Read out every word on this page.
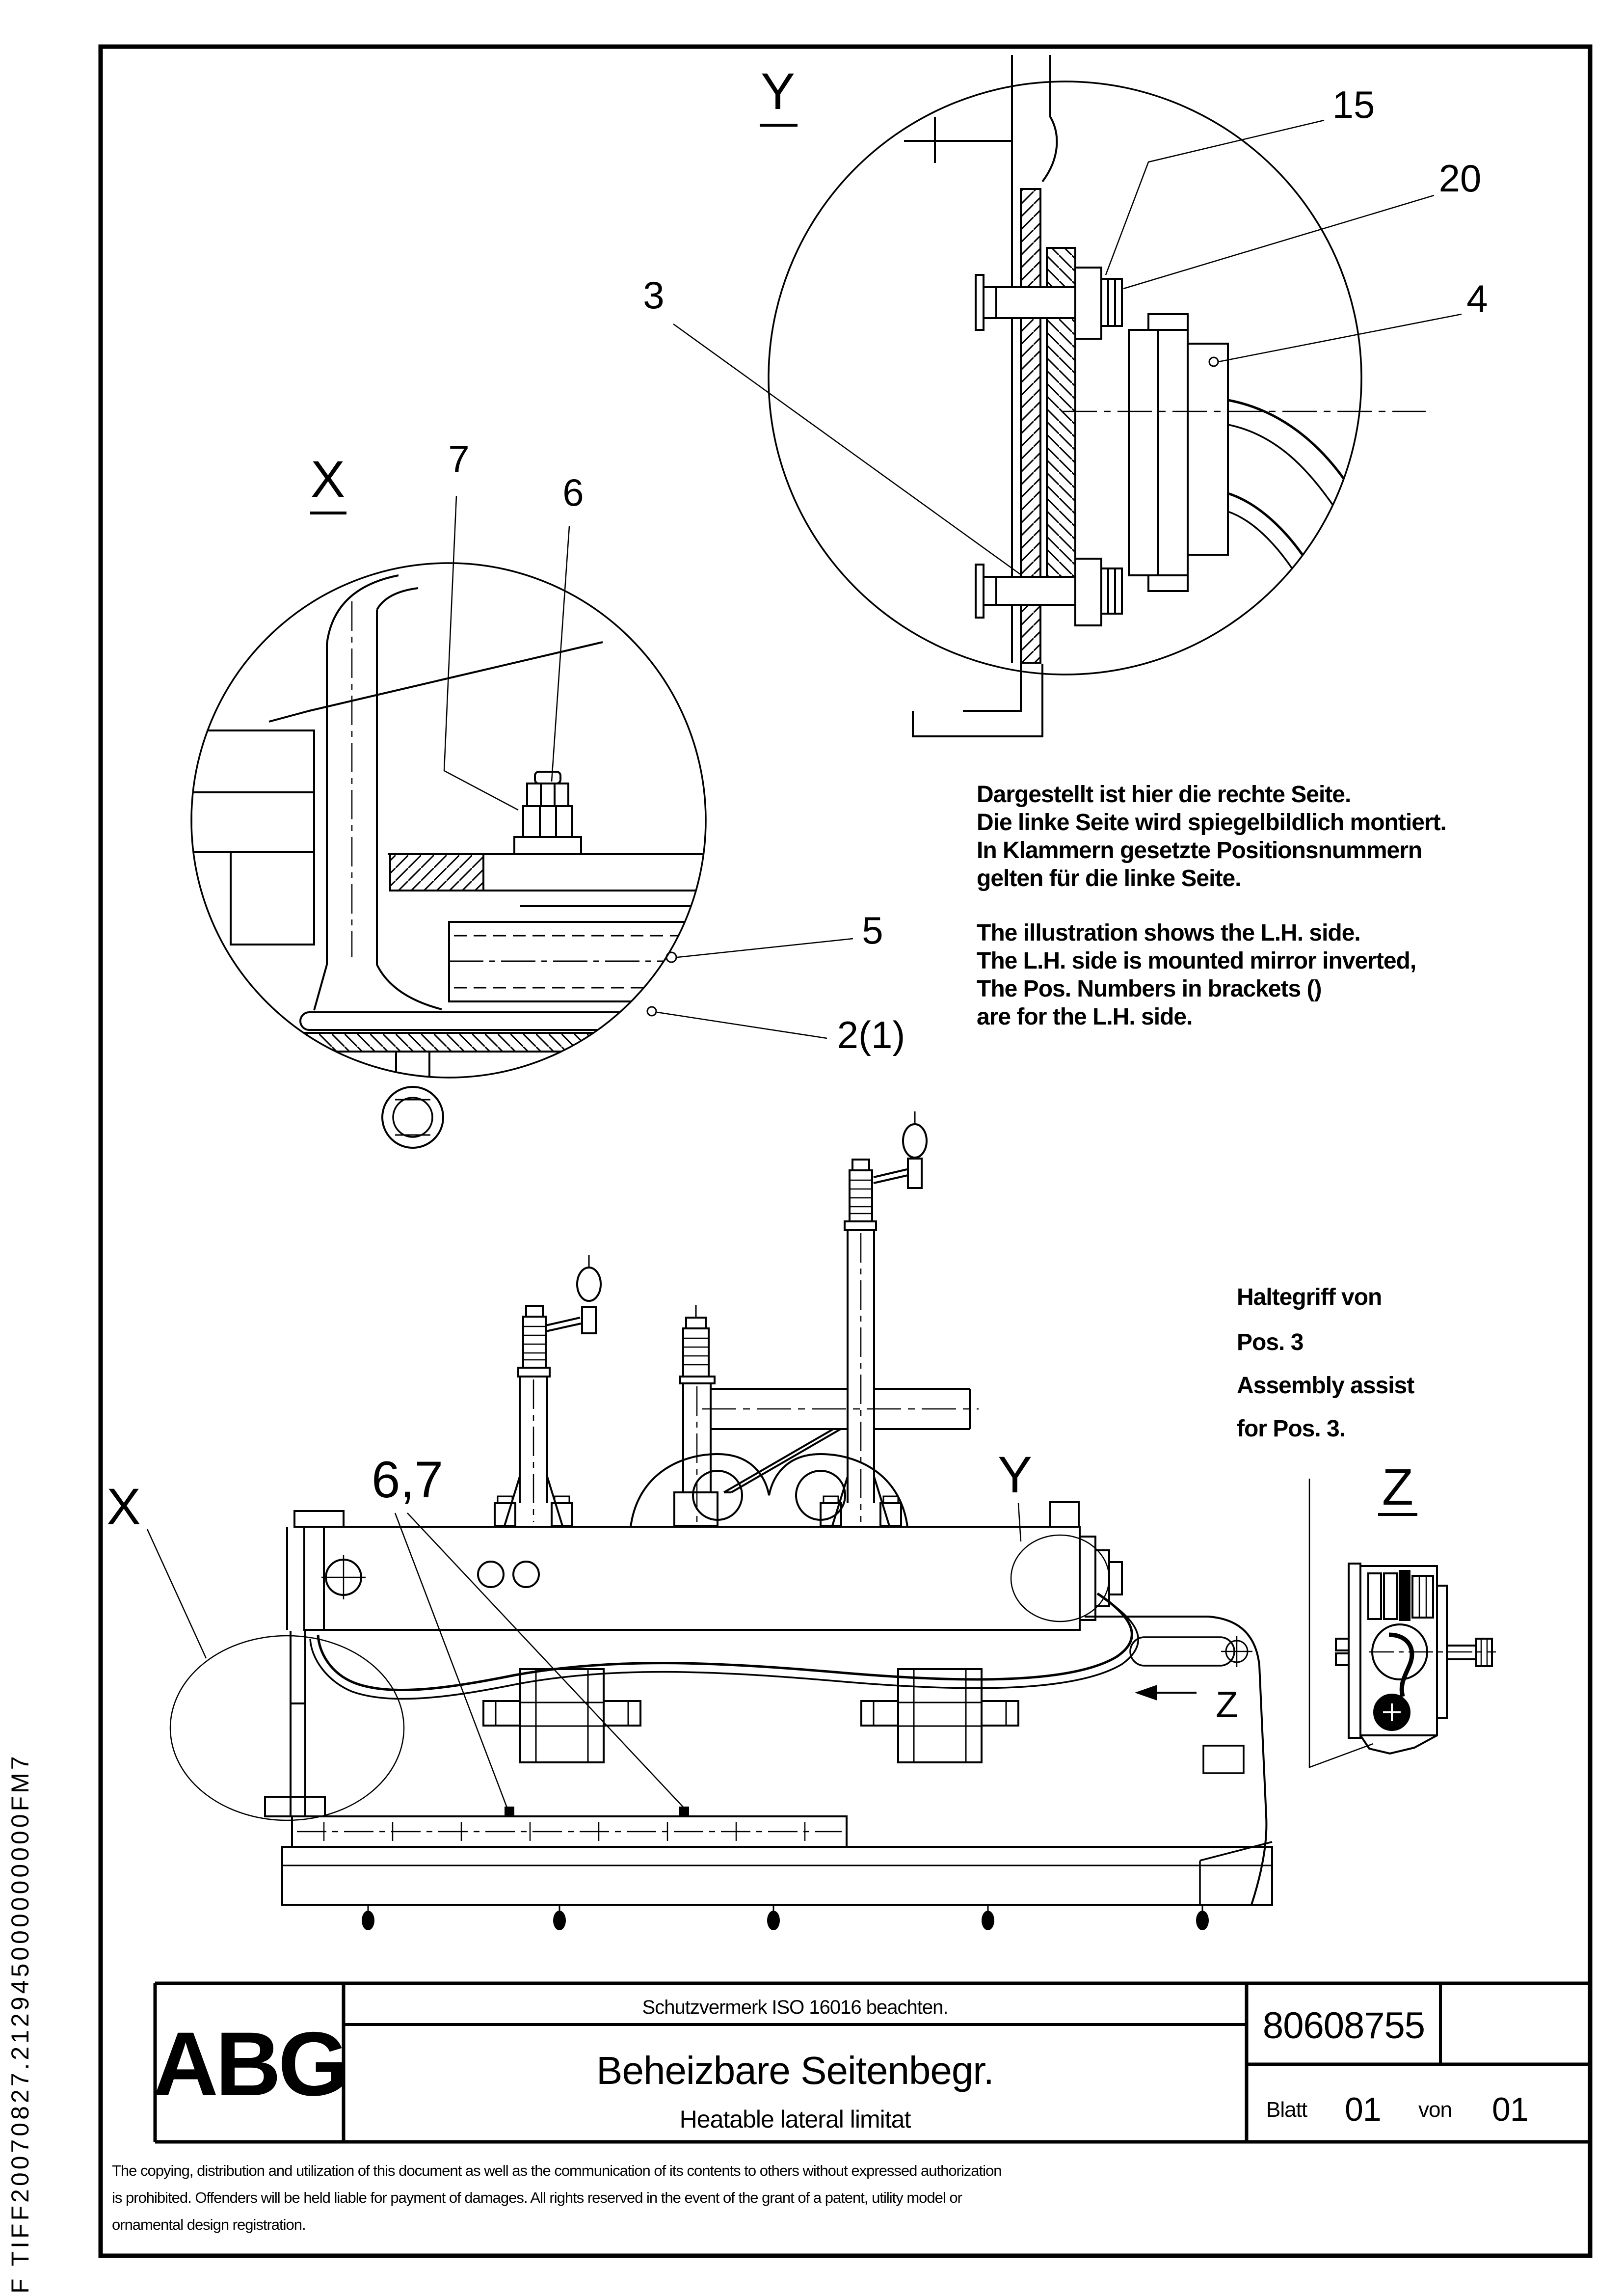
Y	15
20
3	4
X	7
6
5
2(1)
Dargestellt ist hier die rechte Seite.
Die linke Seite wird spiegelbildlich montiert.
In Klammern gesetzte Positionsnummern
gelten für die linke Seite.
The illustration shows the L.H. side.
The L.H. side is mounted mirror inverted,
The Pos. Numbers in brackets ()
are for the L.H. side.
Haltegriff von
Pos. 3
Assembly assist
for Pos. 3.
6,7
X
Y
Z
Z
ABG
Schutzvermerk ISO 16016 beachten.
Beheizbare Seitenbegr.
Heatable lateral limitat
80608755
Blatt 01 von 01
The copying, distribution and utilization of this document as well as the communication of its contents to others without expressed authorization
is prohibited. Offenders will be held liable for payment of damages. All rights reserved in the event of the grant of a patent, utility model or
ornamental design registration.
F TIFF20070827.212945000000000FM7
